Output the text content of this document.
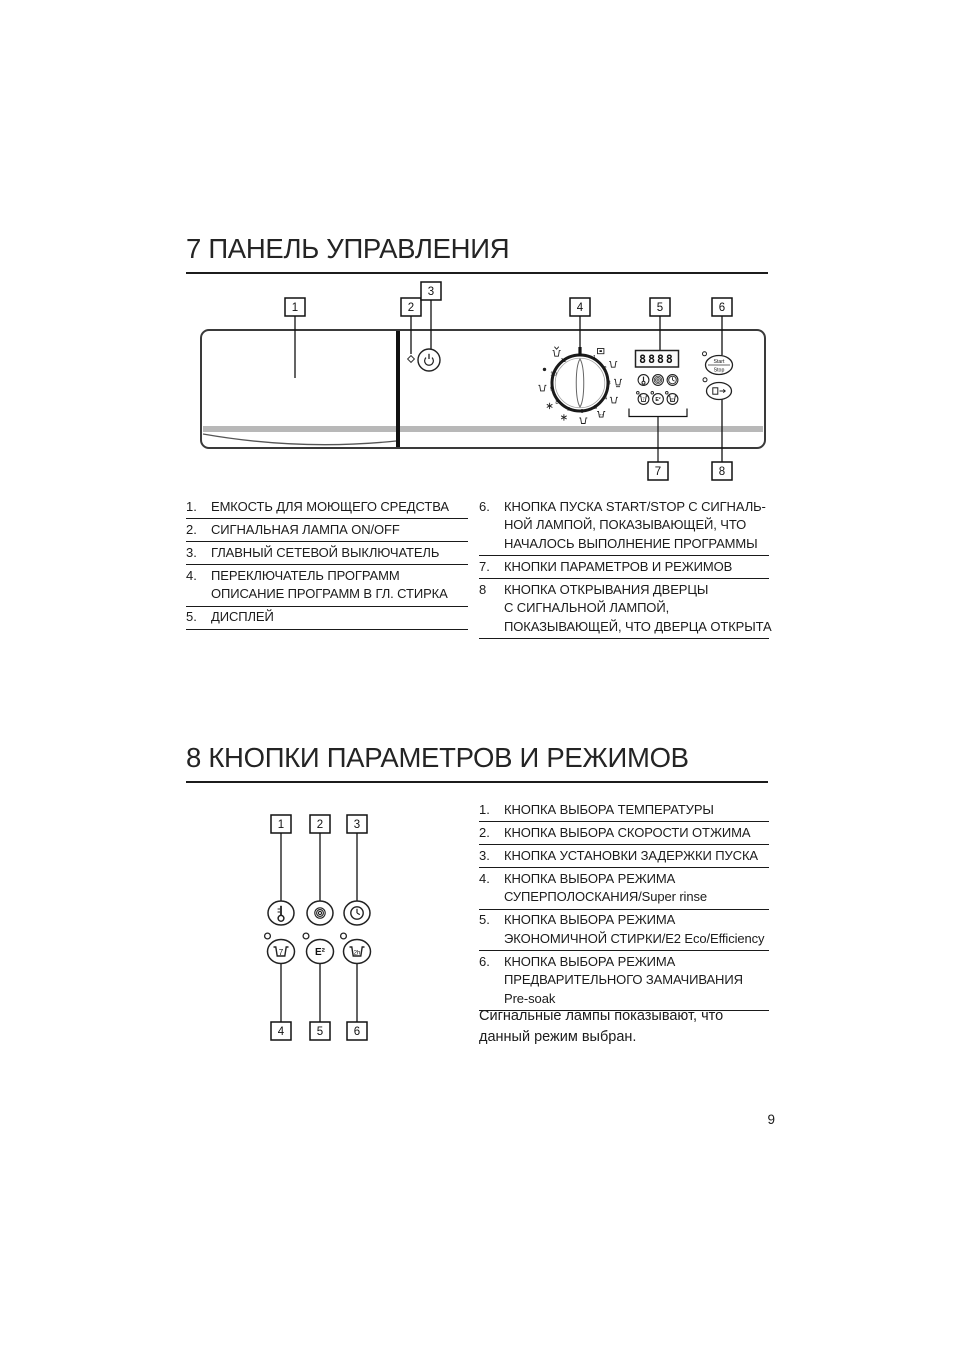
7 ПАНЕЛЬ УПРАВЛЕНИЯ
1
2
3
4
5
6
7
8
9
10
11	8888
7 E²	2h
Start
Stop
1	2
3
4	5	6
7	8
1.	ЕМКОСТЬ ДЛЯ МОЮЩЕГО СРЕДСТВА
2.	СИГНАЛЬНАЯ ЛАМПА ON/OFF
3.	ГЛАВНЫЙ СЕТЕВОЙ ВЫКЛЮЧАТЕЛЬ
4.	ПЕРЕКЛЮЧАТЕЛЬ ПРОГРАММ
ОПИСАНИЕ ПРОГРАММ В ГЛ. СТИРКА
5.	ДИСПЛЕЙ
6.	КНОПКА ПУСКА START/STOP С СИГНАЛЬ-
НОЙ ЛАМПОЙ, ПОКАЗЫВАЮЩЕЙ, ЧТО
НАЧАЛОСЬ ВЫПОЛНЕНИЕ ПРОГРАММЫ
7.	КНОПКИ ПАРАМЕТРОВ И РЕЖИМОВ
8	КНОПКА ОТКРЫВАНИЯ ДВЕРЦЫ
С СИГНАЛЬНОЙ ЛАМПОЙ,
ПОКАЗЫВАЮЩЕЙ, ЧТО ДВЕРЦА ОТКРЫТА
8 КНОПКИ ПАРАМЕТРОВ И РЕЖИМОВ
7	E²	2h
1	2	3
4	5	6
1.	КНОПКА ВЫБОРА ТЕМПЕРАТУРЫ
2.	КНОПКА ВЫБОРА СКОРОСТИ ОТЖИМА
3.	КНОПКА УСТАНОВКИ ЗАДЕРЖКИ ПУСКА
4.	КНОПКА ВЫБОРА РЕЖИМА
СУПЕРПОЛОСКАНИЯ/Super rinse
5.	КНОПКА ВЫБОРА РЕЖИМА
ЭКОНОМИЧНОЙ СТИРКИ/E2 Eco/Efficiency
6.	КНОПКА ВЫБОРА РЕЖИМА
ПРЕДВАРИТЕЛЬНОГО ЗАМАЧИВАНИЯ
Pre-soak
Сигнальные лампы показывают, что
данный режим выбран.
9
